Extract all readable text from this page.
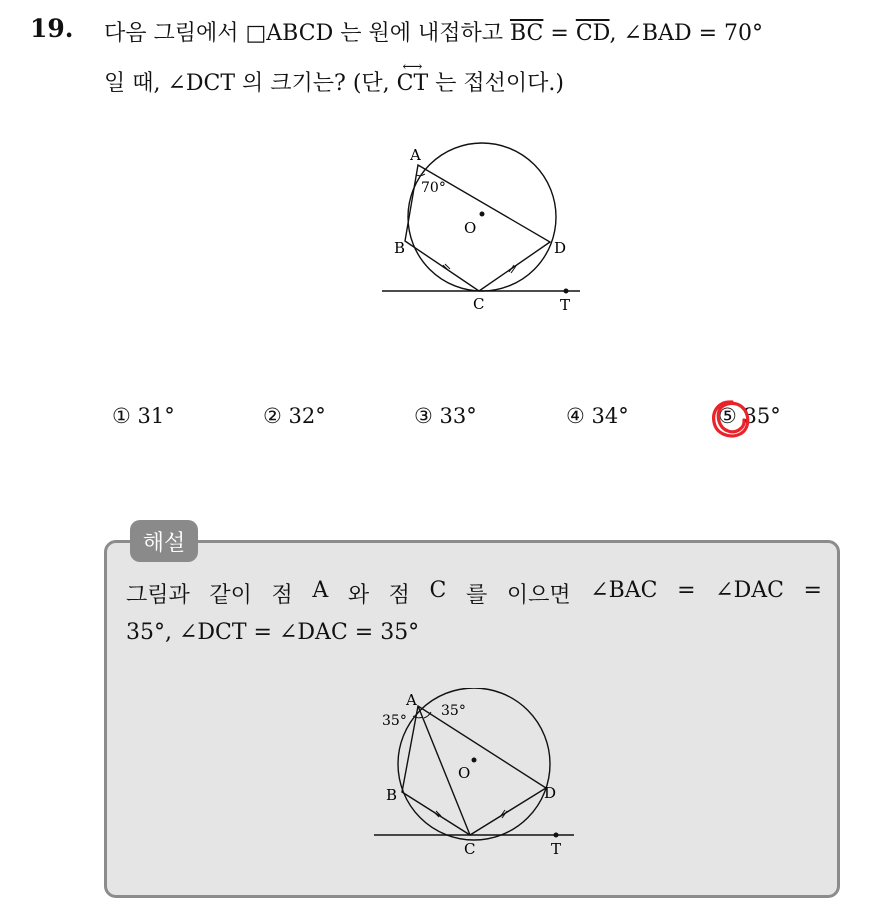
19. 다음 그림에서 □ABCD 는 원에 내접하고 $\overline{BC} = \overline{CD}$, ∠BAD = 70°
일 때, ∠DCT 의 크기는? (단,
⟷
CT 는 접선이다.)
A
B
C
D
O
T
70°
① 31°	② 32°	③ 33°	④ 34°	⑤ 35°
해설
그림과 같이 점 A 와 점 C 를 이으면 ∠BAC = ∠DAC =
35°, ∠DCT = ∠DAC = 35°
A
B
C
D
O
T
35°
35°
